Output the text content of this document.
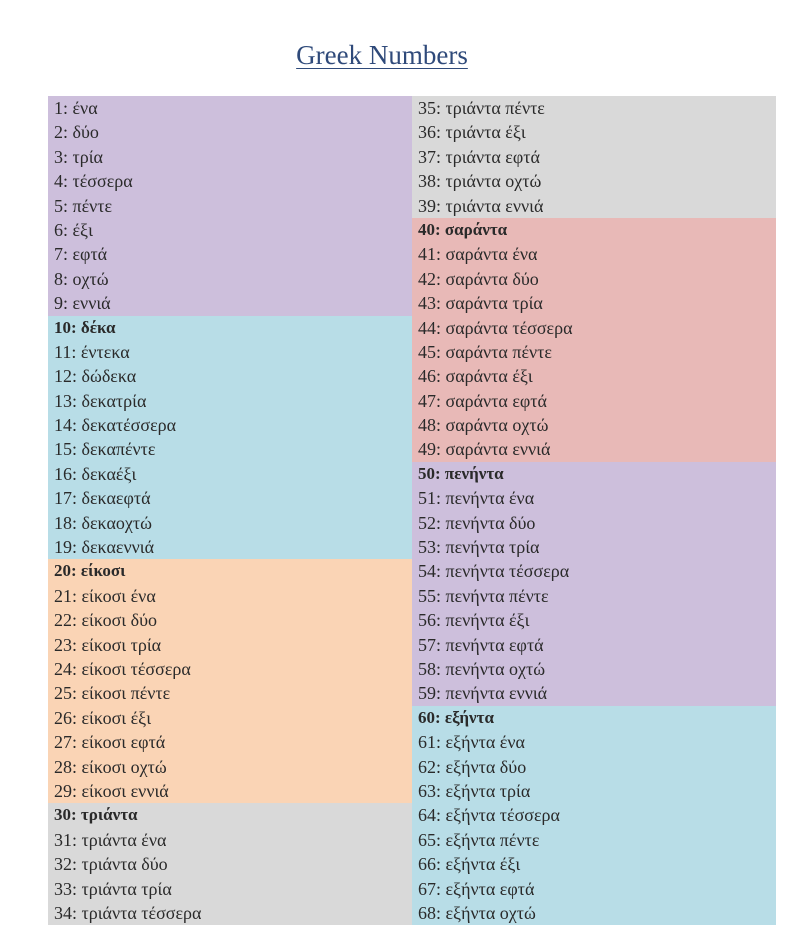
Greek Numbers
1: ένα
2: δύο
3: τρία
4: τέσσερα
5: πέντε
6: έξι
7: εφτά
8: οχτώ
9: εννιά
10: δέκα
11: έντεκα
12: δώδεκα
13: δεκατρία
14: δεκατέσσερα
15: δεκαπέντε
16: δεκαέξι
17: δεκαεφτά
18: δεκαοχτώ
19: δεκαεννιά
20: είκοσι
21: είκοσι ένα
22: είκοσι δύο
23: είκοσι τρία
24: είκοσι τέσσερα
25: είκοσι πέντε
26: είκοσι έξι
27: είκοσι εφτά
28: είκοσι οχτώ
29: είκοσι εννιά
30: τριάντα
31: τριάντα ένα
32: τριάντα δύο
33: τριάντα τρία
34: τριάντα τέσσερα
35: τριάντα πέντε
36: τριάντα έξι
37: τριάντα εφτά
38: τριάντα οχτώ
39: τριάντα εννιά
40: σαράντα
41: σαράντα ένα
42: σαράντα δύο
43: σαράντα τρία
44: σαράντα τέσσερα
45: σαράντα πέντε
46: σαράντα έξι
47: σαράντα εφτά
48: σαράντα οχτώ
49: σαράντα εννιά
50: πενήντα
51: πενήντα ένα
52: πενήντα δύο
53: πενήντα τρία
54: πενήντα τέσσερα
55: πενήντα πέντε
56: πενήντα έξι
57: πενήντα εφτά
58: πενήντα οχτώ
59: πενήντα εννιά
60: εξήντα
61: εξήντα ένα
62: εξήντα δύο
63: εξήντα τρία
64: εξήντα τέσσερα
65: εξήντα πέντε
66: εξήντα έξι
67: εξήντα εφτά
68: εξήντα οχτώ
